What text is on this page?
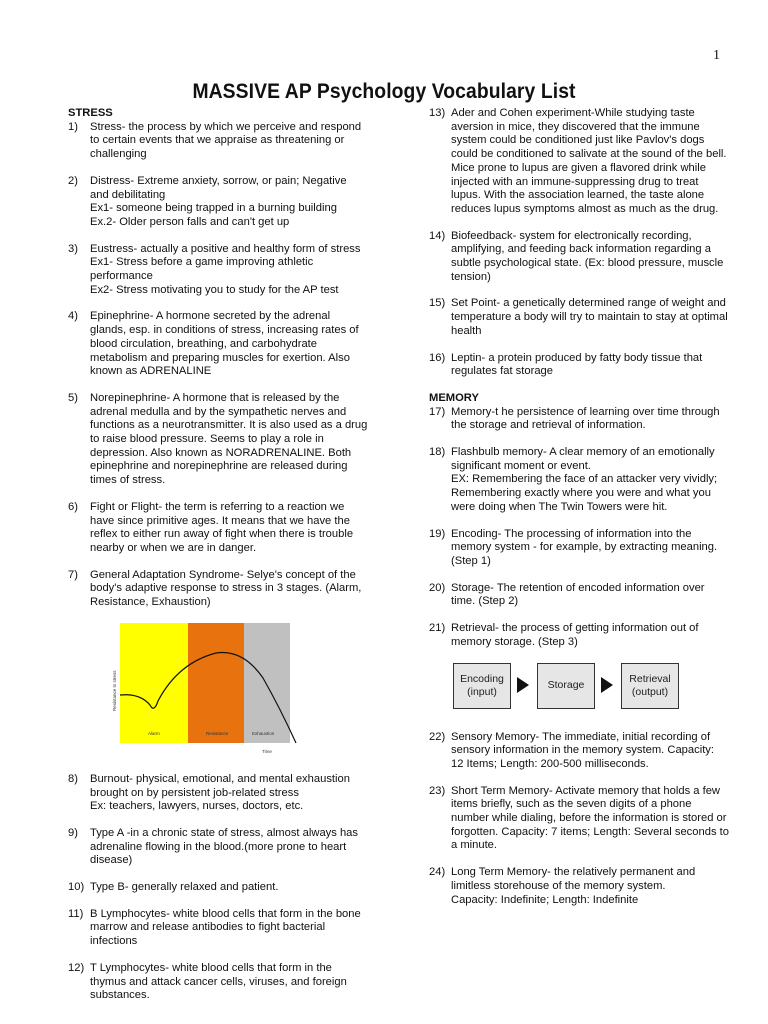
1
MASSIVE AP Psychology Vocabulary List
STRESS
1)	Stress- the process by which we perceive and respond to certain events that we appraise as threatening or challenging
2)	Distress- Extreme anxiety, sorrow, or pain; Negative and debilitating
Ex1- someone being trapped in a burning building
Ex.2- Older person falls and can't get up
3)	Eustress- actually a positive and healthy form of stress
Ex1- Stress before a game improving athletic performance
Ex2- Stress motivating you to study for the AP test
4)	Epinephrine- A hormone secreted by the adrenal glands, esp. in conditions of stress, increasing rates of blood circulation, breathing, and carbohydrate metabolism and preparing muscles for exertion. Also known as ADRENALINE
5)	Norepinephrine- A hormone that is released by the adrenal medulla and by the sympathetic nerves and functions as a neurotransmitter. It is also used as a drug to raise blood pressure. Seems to play a role in depression. Also known as NORADRENALINE. Both epinephrine and norepinephrine are released during times of stress.
6)	Fight or Flight- the term is referring to a reaction we have since primitive ages. It means that we have the reflex to either run away of fight when there is trouble nearby or when we are in danger.
7)	General Adaptation Syndrome- Selye's concept of the body's adaptive response to stress in 3 stages. (Alarm, Resistance, Exhaustion)
Alarm	Resistance	Exhaustion
Time
Resistance to stress
8)	Burnout- physical, emotional, and mental exhaustion brought on by persistent job-related stress
Ex: teachers, lawyers, nurses, doctors, etc.
9)	Type A -in a chronic state of stress, almost always has adrenaline flowing in the blood.(more prone to heart disease)
10) Type B- generally relaxed and patient.
11) B Lymphocytes- white blood cells that form in the bone marrow and release antibodies to fight bacterial infections
12) T Lymphocytes- white blood cells that form in the thymus and attack cancer cells, viruses, and foreign substances.
13) Ader and Cohen experiment-While studying taste aversion in mice, they discovered that the immune system could be conditioned just like Pavlov's dogs could be conditioned to salivate at the sound of the bell. Mice prone to lupus are given a flavored drink while injected with an immune-suppressing drug to treat lupus. With the association learned, the taste alone reduces lupus symptoms almost as much as the drug.
14) Biofeedback- system for electronically recording, amplifying, and feeding back information regarding a subtle psychological state. (Ex: blood pressure, muscle tension)
15) Set Point- a genetically determined range of weight and temperature a body will try to maintain to stay at optimal health
16) Leptin- a protein produced by fatty body tissue that regulates fat storage
MEMORY
17) Memory-t he persistence of learning over time through the storage and retrieval of information.
18) Flashbulb memory- A clear memory of an emotionally significant moment or event.
EX: Remembering the face of an attacker very vividly; Remembering exactly where you were and what you were doing when The Twin Towers were hit.
19) Encoding- The processing of information into the memory system - for example, by extracting meaning. (Step 1)
20) Storage- The retention of encoded information over time. (Step 2)
21) Retrieval- the process of getting information out of memory storage. (Step 3)
Encoding
(input)
Storage
Retrieval
(output)
22) Sensory Memory- The immediate, initial recording of sensory information in the memory system. Capacity: 12 Items; Length: 200-500 milliseconds.
23) Short Term Memory- Activate memory that holds a few items briefly, such as the seven digits of a phone number while dialing, before the information is stored or forgotten. Capacity: 7 items; Length: Several seconds to a minute.
24) Long Term Memory- the relatively permanent and limitless storehouse of the memory system.
Capacity: Indefinite; Length: Indefinite
